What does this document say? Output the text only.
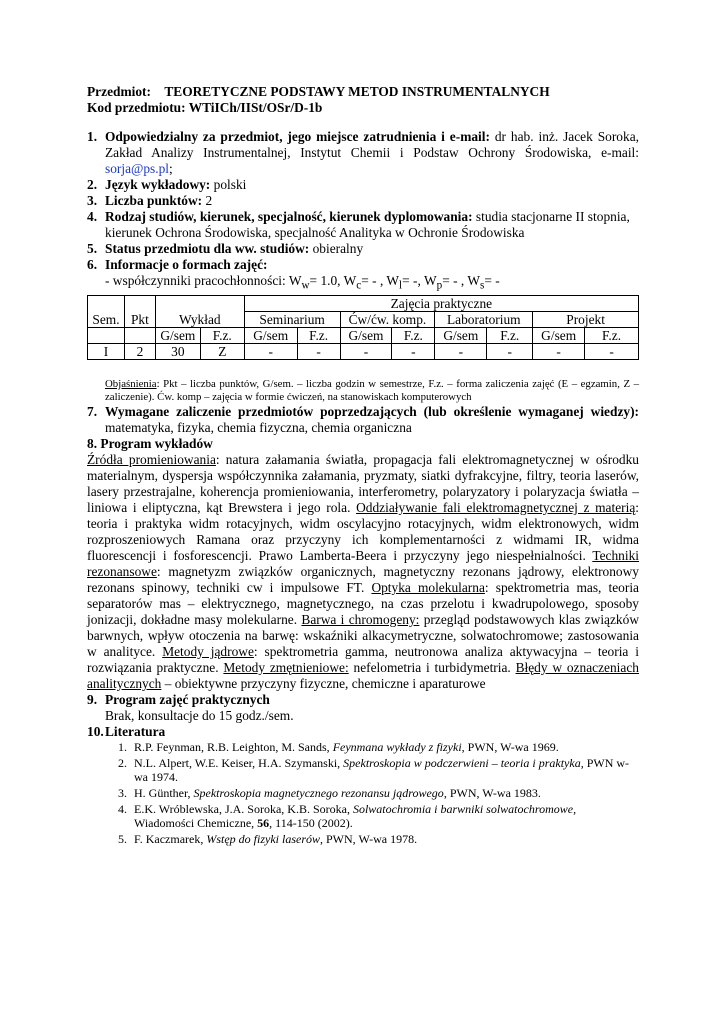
Przedmiot: TEORETYCZNE PODSTAWY METOD INSTRUMENTALNYCH
Kod przedmiotu: WTiICh/IISt/OSr/D-1b
1. Odpowiedzialny za przedmiot, jego miejsce zatrudnienia i e-mail: dr hab. inż. Jacek Soroka, Zakład Analizy Instrumentalnej, Instytut Chemii i Podstaw Ochrony Środowiska, e-mail: sorja@ps.pl;
2. Język wykładowy: polski
3. Liczba punktów: 2
4. Rodzaj studiów, kierunek, specjalność, kierunek dyplomowania: studia stacjonarne II stopnia, kierunek Ochrona Środowiska, specjalność Analityka w Ochronie Środowiska
5. Status przedmiotu dla ww. studiów: obieralny
6. Informacje o formach zajęć:
- współczynniki pracochłonności: $W_w= 1.0$, $W_c=$ - , $W_l=$ -, $W_p=$ - , $W_s=$ -
Sem.	Pkt	Wykład		Zajęcia praktyczne							
				Seminarium		Ćw/ćw. komp.		Laboratorium		Projekt	
		G/sem	F.z.	G/sem	F.z.	G/sem	F.z.	G/sem	F.z.	G/sem	F.z.
I	2	30	Z	-	-	-	-	-	-	-	-
Objaśnienia: Pkt – liczba punktów, G/sem. – liczba godzin w semestrze, F.z. – forma zaliczenia zajęć (E – egzamin, Z – zaliczenie). Ćw. komp – zajęcia w formie ćwiczeń, na stanowiskach komputerowych
7. Wymagane zaliczenie przedmiotów poprzedzających (lub określenie wymaganej wiedzy): matematyka, fizyka, chemia fizyczna, chemia organiczna
8. Program wykładów
Źródła promieniowania: natura załamania światła, propagacja fali elektromagnetycznej w ośrodku materialnym, dyspersja współczynnika załamania, pryzmaty, siatki dyfrakcyjne, filtry, teoria laserów, lasery przestrajalne, koherencja promieniowania, interferometry, polaryzatory i polaryzacja światła – liniowa i eliptyczna, kąt Brewstera i jego rola. Oddziaływanie fali elektromagnetycznej z materią: teoria i praktyka widm rotacyjnych, widm oscylacyjno rotacyjnych, widm elektronowych, widm rozproszeniowych Ramana oraz przyczyny ich komplementarności z widmami IR, widma fluorescencji i fosforescencji. Prawo Lamberta-Beera i przyczyny jego niespełnialności. Techniki rezonansowe: magnetyzm związków organicznych, magnetyczny rezonans jądrowy, elektronowy rezonans spinowy, techniki cw i impulsowe FT. Optyka molekularna: spektrometria mas, teoria separatorów mas – elektrycznego, magnetycznego, na czas przelotu i kwadrupolowego, sposoby jonizacji, dokładne masy molekularne. Barwa i chromogeny: przegląd podstawowych klas związków barwnych, wpływ otoczenia na barwę: wskaźniki alkacymetryczne, solwatochromowe; zastosowania w analityce. Metody jądrowe: spektrometria gamma, neutronowa analiza aktywacyjna – teoria i rozwiązania praktyczne. Metody zmętnieniowe: nefelometria i turbidymetria. Błędy w oznaczeniach analitycznych – obiektywne przyczyny fizyczne, chemiczne i aparaturowe
9. Program zajęć praktycznych
Brak, konsultacje do 15 godz./sem.
10.Literatura
1. R.P. Feynman, R.B. Leighton, M. Sands, Feynmana wykłady z fizyki, PWN, W-wa 1969.
2. N.L. Alpert, W.E. Keiser, H.A. Szymanski, Spektroskopia w podczerwieni – teoria i praktyka, PWN w-wa 1974.
3. H. Günther, Spektroskopia magnetycznego rezonansu jądrowego, PWN, W-wa 1983.
4. E.K. Wróblewska, J.A. Soroka, K.B. Soroka, Solwatochromia i barwniki solwatochromowe, Wiadomości Chemiczne, 56, 114-150 (2002).
5. F. Kaczmarek, Wstęp do fizyki laserów, PWN, W-wa 1978.
